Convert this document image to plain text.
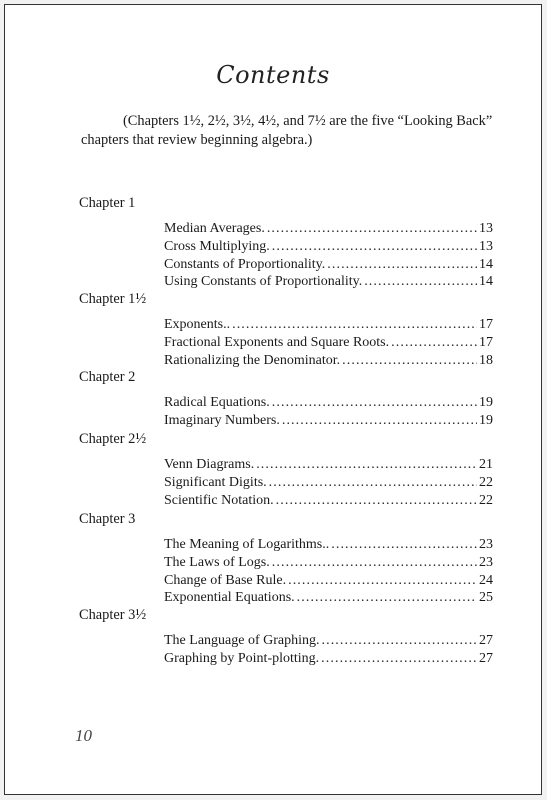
Contents
(Chapters 1½, 2½, 3½, 4½, and 7½ are the five “Looking Back”
chapters that review beginning algebra.)
Chapter 1
Median Averages. . . .	13
Cross Multiplying. . . .	13
Constants of Proportionality. . . .	14
Using Constants of Proportionality. . . .	14
Chapter 1½
Exponents.. . . .	17
Fractional Exponents and Square Roots. . . .	17
Rationalizing the Denominator. . . .	18
Chapter 2
Radical Equations. . . .	19
Imaginary Numbers. . . .	19
Chapter 2½
Venn Diagrams. . . .	21
Significant Digits. . . .	22
Scientific Notation. . . .	22
Chapter 3
The Meaning of Logarithms.. . . .	23
The Laws of Logs. . . .	23
Change of Base Rule. . . .	24
Exponential Equations. . . .	25
Chapter 3½
The Language of Graphing. . . .	27
Graphing by Point-plotting. . . .	27
10
